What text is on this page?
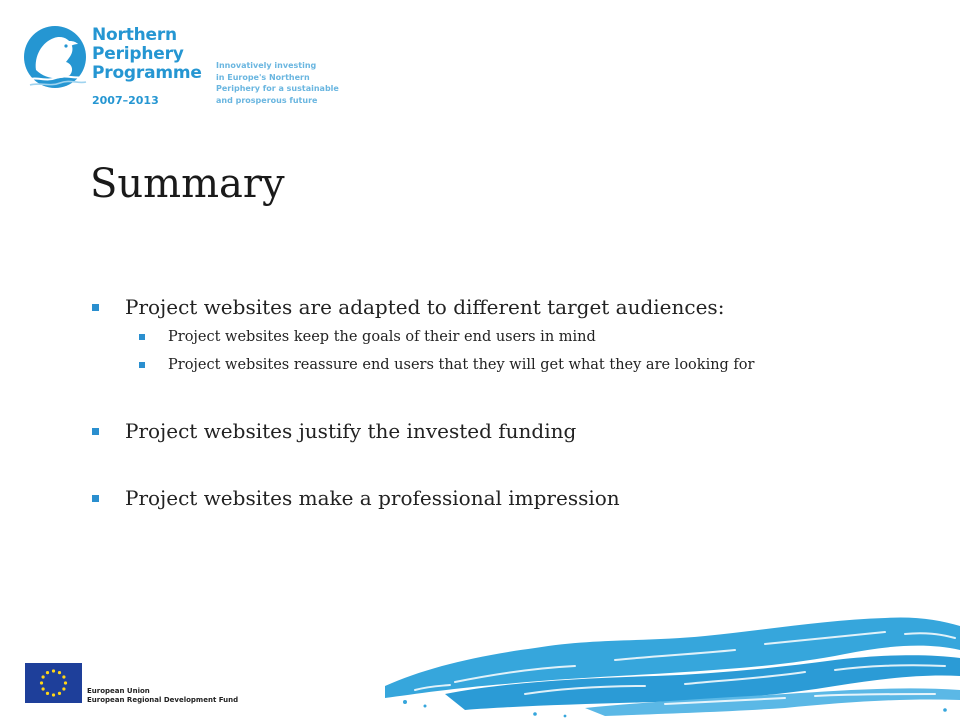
Northern
Periphery
Programme
2007–2013
Innovatively investing
in Europe's Northern
Periphery for a sustainable
and prosperous future
Summary
Project websites are adapted to different target audiences:
Project websites keep the goals of their end users in mind
Project websites reassure end users that they will get what they are looking for
Project websites justify the invested funding
Project websites make a professional impression
European Union
European Regional Development Fund
